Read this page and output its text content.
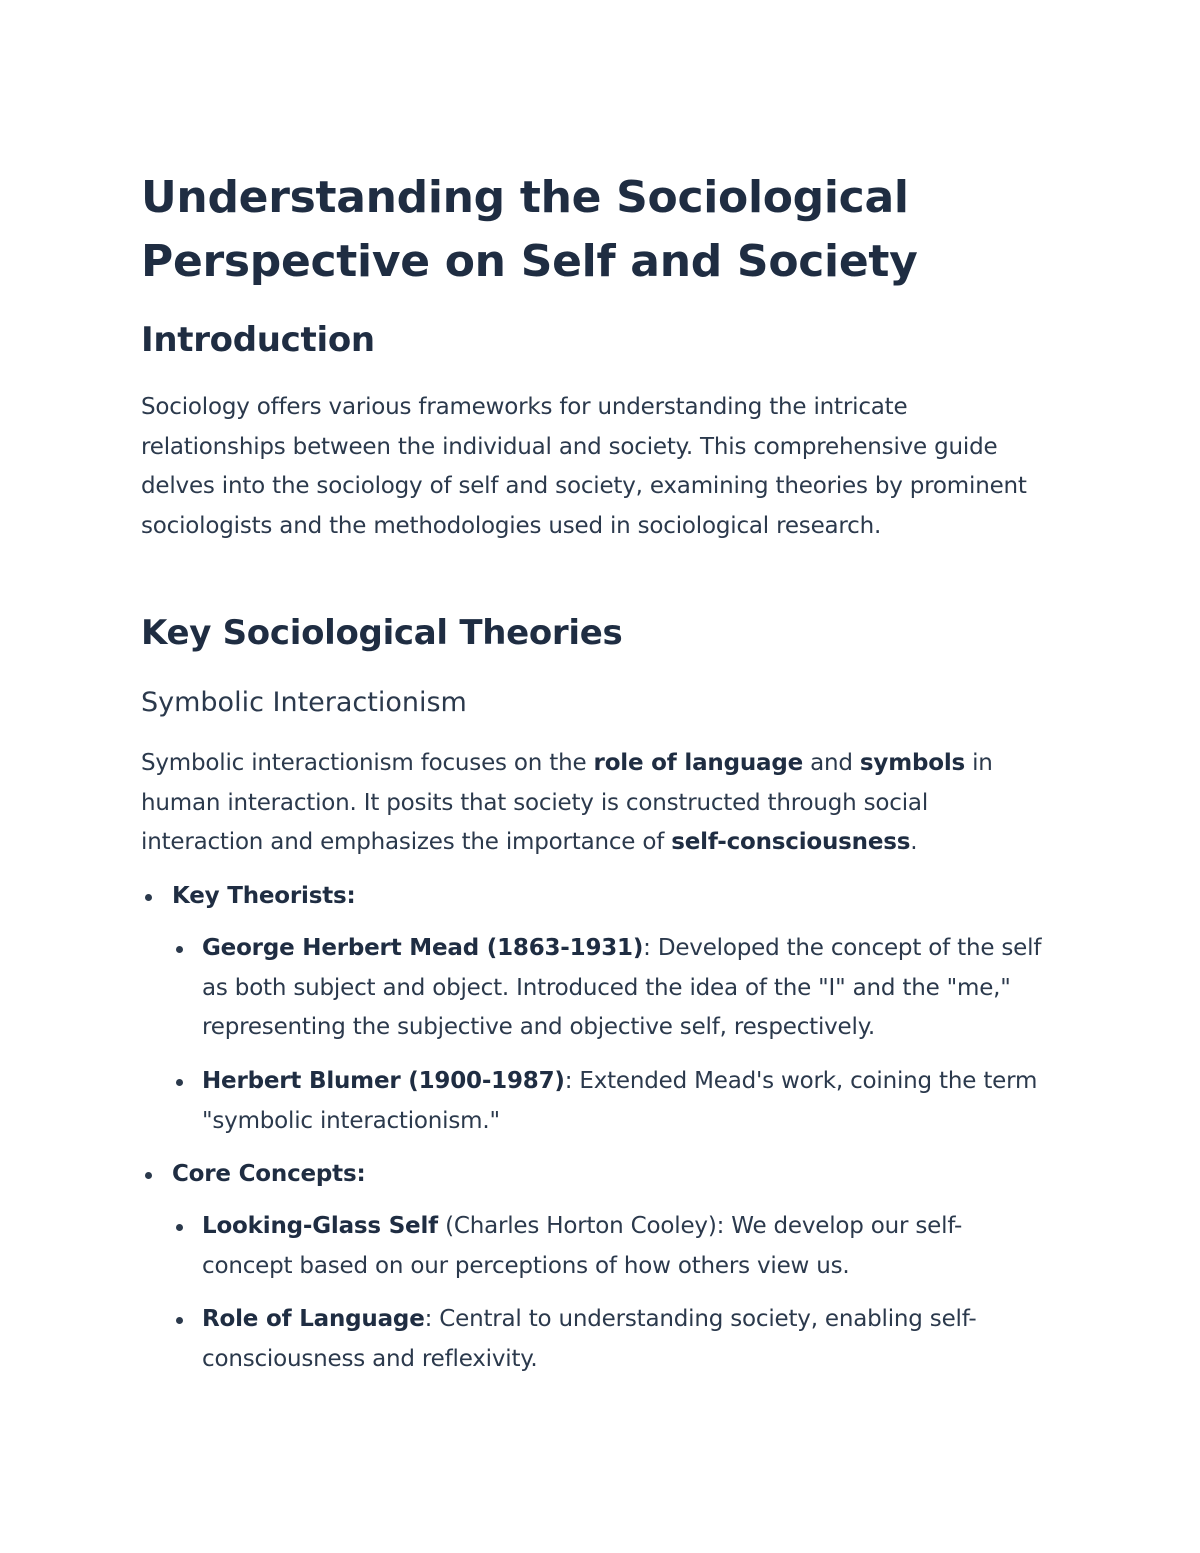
Understanding the Sociological Perspective on Self and Society
Introduction

Sociology offers various frameworks for understanding the intricate relationships between the individual and society. This comprehensive guide delves into the sociology of self and society, examining theories by prominent sociologists and the methodologies used in sociological research.

Key Sociological Theories
Symbolic Interactionism

Symbolic interactionism focuses on the role of language and symbols in human interaction. It posits that society is constructed through social interaction and emphasizes the importance of self-consciousness.

Key Theorists:
George Herbert Mead (1863-1931): Developed the concept of the self as both subject and object. Introduced the idea of the "I" and the "me," representing the subjective and objective self, respectively.
Herbert Blumer (1900-1987): Extended Mead's work, coining the term "symbolic interactionism."
Core Concepts:
Looking-Glass Self (Charles Horton Cooley): We develop our self-concept based on our perceptions of how others view us.
Role of Language: Central to understanding society, enabling self-consciousness and reflexivity.
